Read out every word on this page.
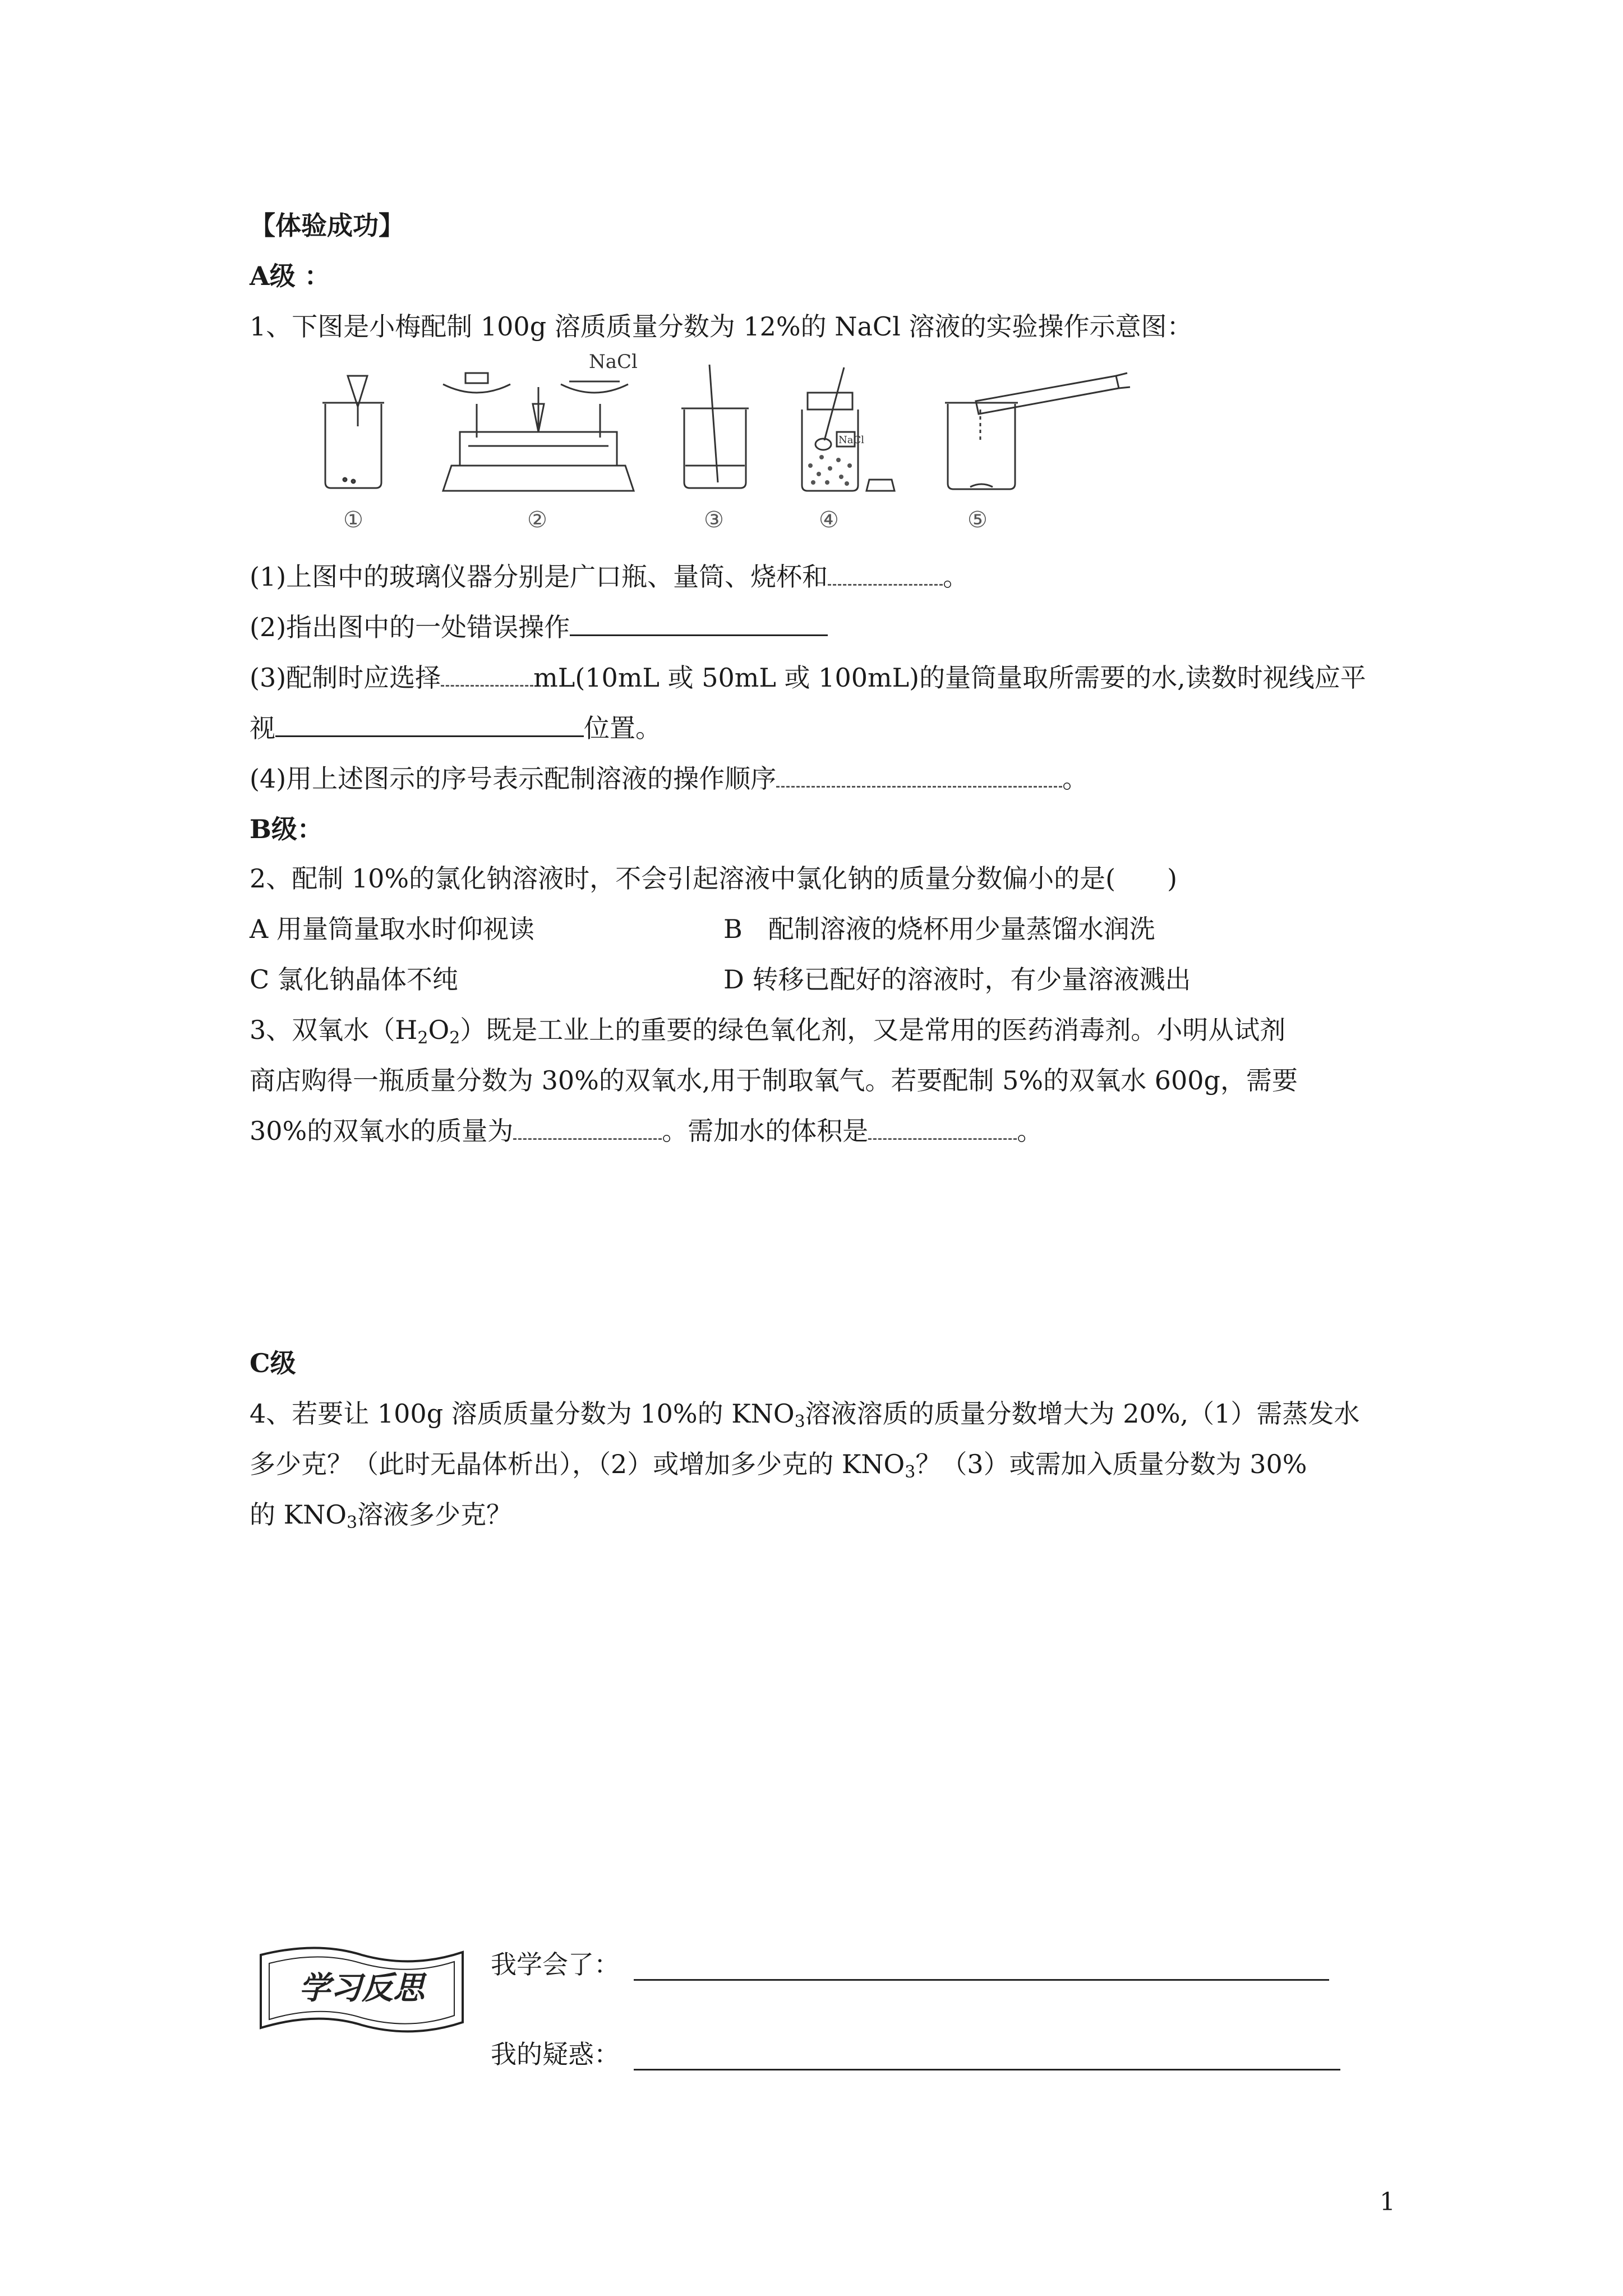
【体验成功】
A级 ：
1、下图是小梅配制 100g 溶质质量分数为 12%的 NaCl 溶液的实验操作示意图：
NaCl
NaCl
①	②	③	④	⑤
(1)上图中的玻璃仪器分别是广口瓶、量筒、烧杯和	。
(2)指出图中的一处错误操作
(3)配制时应选择	mL(10mL 或 50mL 或 100mL)的量筒量取所需要的水,读数时视线应平
视	位置。
(4)用上述图示的序号表示配制溶液的操作顺序	。
B级：
2、配制 10%的氯化钠溶液时，不会引起溶液中氯化钠的质量分数偏小的是(　　)
A 用量筒量取水时仰视读	B　配制溶液的烧杯用少量蒸馏水润洗
C 氯化钠晶体不纯	D 转移已配好的溶液时，有少量溶液溅出
3、双氧水$(H_2O_2)$既是工业上的重要的绿色氧化剂，又是常用的医药消毒剂。小明从试剂
商店购得一瓶质量分数为 30%的双氧水,用于制取氧气。若要配制 5%的双氧水 600g，需要
30%的双氧水的质量为	。需加水的体积是	。
C级
4、若要让 100g 溶质质量分数为 10%的 $KNO_3$溶液溶质的质量分数增大为 20%,（1）需蒸发水
多少克？（此时无晶体析出），（2）或增加多少克的 $KNO_3$？（3）或需加入质量分数为 30%
的 $KNO_3$溶液多少克？
学习反思
我学会了：
我的疑惑：
1
